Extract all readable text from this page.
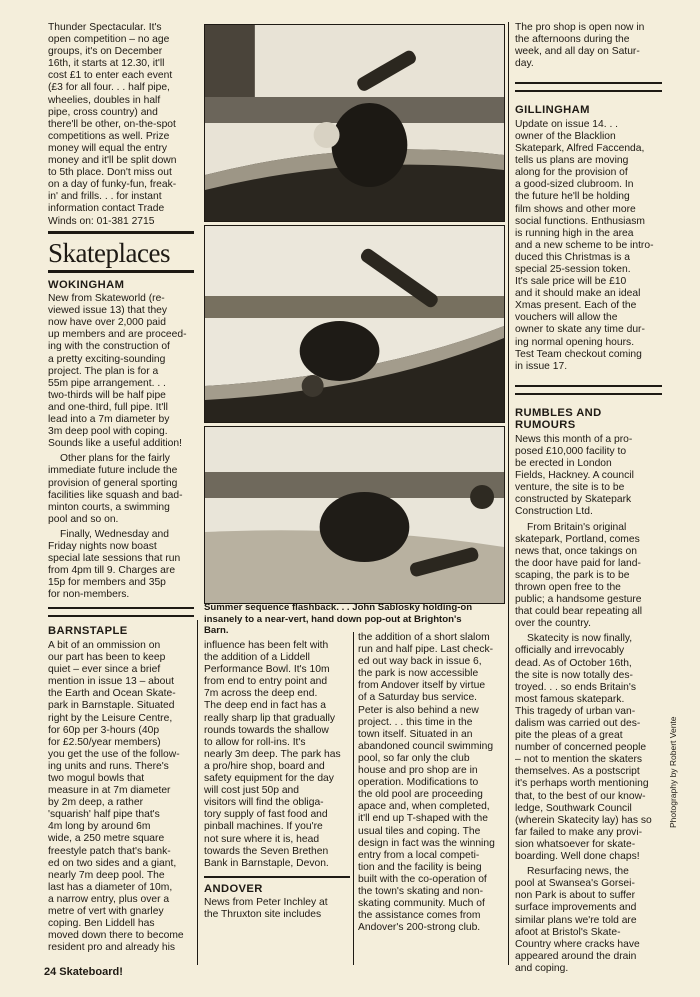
Thunder Spectacular. It's
open competition – no age
groups, it's on December
16th, it starts at 12.30, it'll
cost £1 to enter each event
(£3 for all four. . . half pipe,
wheelies, doubles in half
pipe, cross country) and
there'll be other, on-the-spot
competitions as well. Prize
money will equal the entry
money and it'll be split down
to 5th place. Don't miss out
on a day of funky-fun, freak-
in' and frills. . . for instant
information contact Trade
Winds on: 01-381 2715

Skateplaces
WOKINGHAM

New from Skateworld (re-
viewed issue 13) that they
now have over 2,000 paid
up members and are proceed-
ing with the construction of
a pretty exciting-sounding
project. The plan is for a
55m pipe arrangement. . .
two-thirds will be half pipe
and one-third, full pipe. It'll
lead into a 7m diameter by
3m deep pool with coping.
Sounds like a useful addition!

Other plans for the fairly
immediate future include the
provision of general sporting
facilities like squash and bad-
minton courts, a swimming
pool and so on.

Finally, Wednesday and
Friday nights now boast
special late sessions that run
from 4pm till 9. Charges are
15p for members and 35p
for non-members.

BARNSTAPLE

A bit of an ommission on
our part has been to keep
quiet – ever since a brief
mention in issue 13 – about
the Earth and Ocean Skate-
park in Barnstaple. Situated
right by the Leisure Centre,
for 60p per 3-hours (40p
for £2.50/year members)
you get the use of the follow-
ing units and runs. There's
two mogul bowls that
measure in at 7m diameter
by 2m deep, a rather
'squarish' half pipe that's
4m long by around 6m
wide, a 250 metre square
freestyle patch that's bank-
ed on two sides and a giant,
nearly 7m deep pool. The
last has a diameter of 10m,
a narrow entry, plus over a
metre of vert with gnarley
coping. Ben Liddell has
moved down there to become
resident pro and already his

Summer sequence flashback. . . John Sablosky holding-on
insanely to a near-vert, hand down pop-out at Brighton's
Barn.

influence has been felt with
the addition of a Liddell
Performance Bowl. It's 10m
from end to entry point and
7m across the deep end.
The deep end in fact has a
really sharp lip that gradually
rounds towards the shallow
to allow for roll-ins. It's
nearly 3m deep. The park has
a pro/hire shop, board and
safety equipment for the day
will cost just 50p and
visitors will find the obliga-
tory supply of fast food and
pinball machines. If you're
not sure where it is, head
towards the Seven Brethen
Bank in Barnstaple, Devon.

ANDOVER

News from Peter Inchley at
the Thruxton site includes

the addition of a short slalom
run and half pipe. Last check-
ed out way back in issue 6,
the park is now accessible
from Andover itself by virtue
of a Saturday bus service.
Peter is also behind a new
project. . . this time in the
town itself. Situated in an
abandoned council swimming
pool, so far only the club
house and pro shop are in
operation. Modifications to
the old pool are proceeding
apace and, when completed,
it'll end up T-shaped with the
usual tiles and coping. The
design in fact was the winning
entry from a local competi-
tion and the facility is being
built with the co-operation of
the town's skating and non-
skating community. Much of
the assistance comes from
Andover's 200-strong club.

The pro shop is open now in
the afternoons during the
week, and all day on Satur-
day.

GILLINGHAM

Update on issue 14. . .
owner of the Blacklion
Skatepark, Alfred Faccenda,
tells us plans are moving
along for the provision of
a good-sized clubroom. In
the future he'll be holding
film shows and other more
social functions. Enthusiasm
is running high in the area
and a new scheme to be intro-
duced this Christmas is a
special 25-session token.
It's sale price will be £10
and it should make an ideal
Xmas present. Each of the
vouchers will allow the
owner to skate any time dur-
ing normal opening hours.
Test Team checkout coming
in issue 17.

RUMBLES AND
RUMOURS

News this month of a pro-
posed £10,000 facility to
be erected in London
Fields, Hackney. A council
venture, the site is to be
constructed by Skatepark
Construction Ltd.

From Britain's original
skatepark, Portland, comes
news that, once takings on
the door have paid for land-
scaping, the park is to be
thrown open free to the
public; a handsome gesture
that could bear repeating all
over the country.

Skatecity is now finally,
officially and irrevocably
dead. As of October 16th,
the site is now totally des-
troyed. . . so ends Britain's
most famous skatepark.
This tragedy of urban van-
dalism was carried out des-
pite the pleas of a great
number of concerned people
– not to mention the skaters
themselves. As a postscript
it's perhaps worth mentioning
that, to the best of our know-
ledge, Southwark Council
(wherein Skatecity lay) has so
far failed to make any provi-
sion whatsoever for skate-
boarding. Well done chaps!

Resurfacing news, the
pool at Swansea's Gorsei-
non Park is about to suffer
surface improvements and
similar plans we're told are
afoot at Bristol's Skate-
Country where cracks have
appeared around the drain
and coping.

Photography by Robert Vente
24 Skateboard!
